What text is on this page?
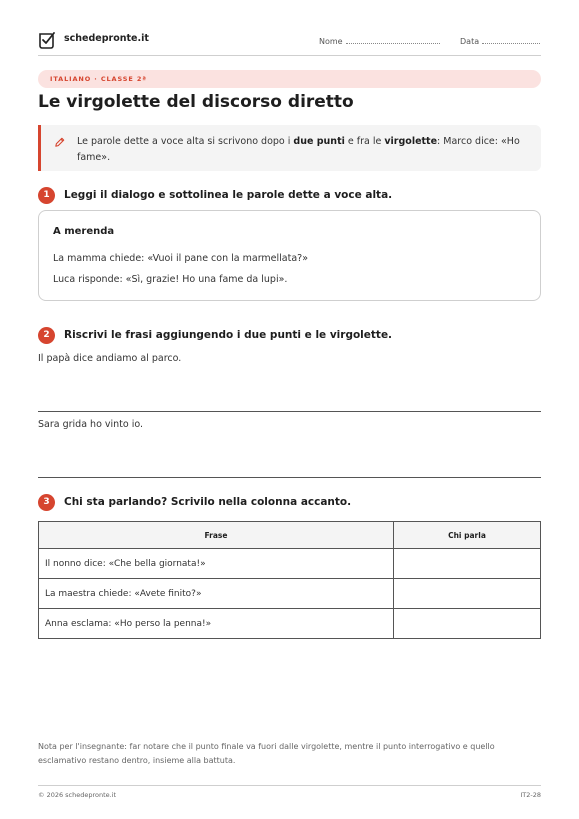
schedepronte.it	Nome	Data
ITALIANO · CLASSE 2ª
Le virgolette del discorso diretto
Le parole dette a voce alta si scrivono dopo i due punti e fra le virgolette: Marco dice: «Ho fame».
1	Leggi il dialogo e sottolinea le parole dette a voce alta.
A merenda
La mamma chiede: «Vuoi il pane con la marmellata?»
Luca risponde: «Sì, grazie! Ho una fame da lupi».
2	Riscrivi le frasi aggiungendo i due punti e le virgolette.
Il papà dice andiamo al parco.
Sara grida ho vinto io.
3	Chi sta parlando? Scrivilo nella colonna accanto.
Frase	Chi parla
Il nonno dice: «Che bella giornata!»	
La maestra chiede: «Avete finito?»	
Anna esclama: «Ho perso la penna!»	
Nota per l'insegnante: far notare che il punto finale va fuori dalle virgolette, mentre il punto interrogativo e quello esclamativo restano dentro, insieme alla battuta.
© 2026 schedepronte.it	IT2-28
